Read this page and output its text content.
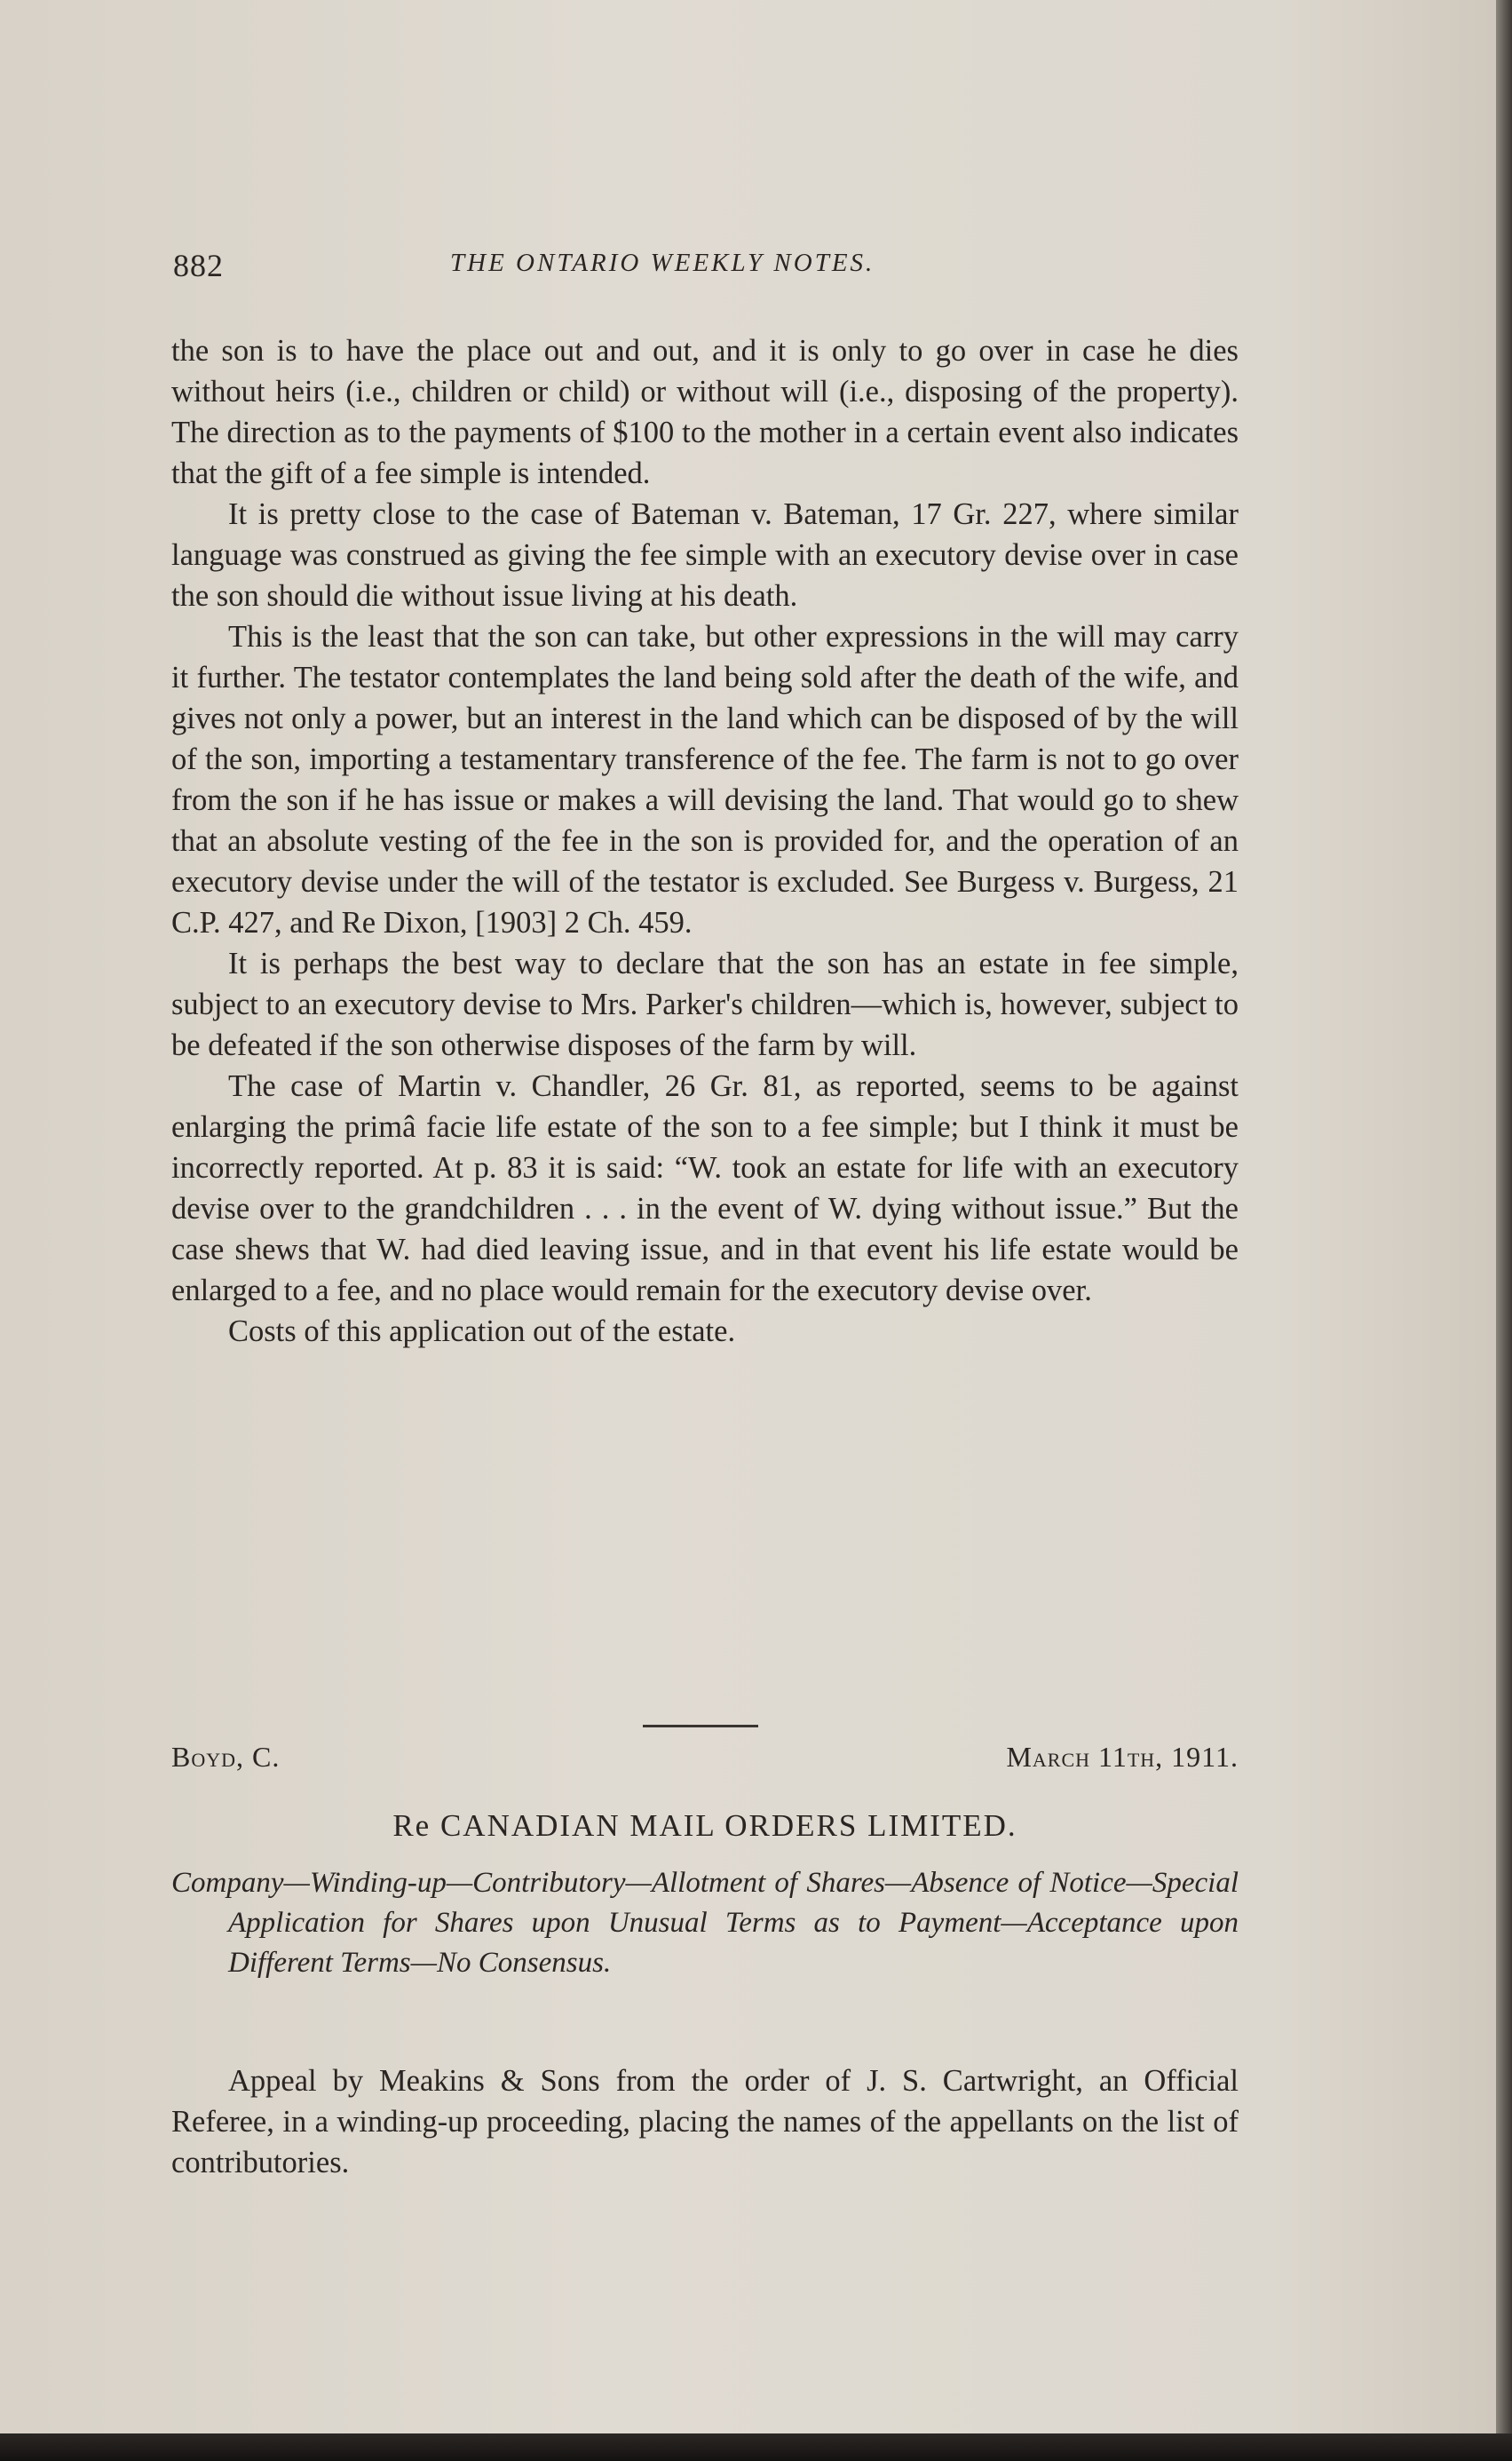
882	THE ONTARIO WEEKLY NOTES.

the son is to have the place out and out, and it is only to go over in case he dies without heirs (i.e., children or child) or without will (i.e., disposing of the property). The direction as to the payments of $100 to the mother in a certain event also indicates that the gift of a fee simple is intended.

It is pretty close to the case of Bateman v. Bateman, 17 Gr. 227, where similar language was construed as giving the fee simple with an executory devise over in case the son should die without issue living at his death.

This is the least that the son can take, but other expressions in the will may carry it further. The testator contemplates the land being sold after the death of the wife, and gives not only a power, but an interest in the land which can be disposed of by the will of the son, importing a testamentary transference of the fee. The farm is not to go over from the son if he has issue or makes a will devising the land. That would go to shew that an absolute vesting of the fee in the son is provided for, and the operation of an executory devise under the will of the testator is excluded. See Burgess v. Burgess, 21 C.P. 427, and Re Dixon, [1903] 2 Ch. 459.

It is perhaps the best way to declare that the son has an estate in fee simple, subject to an executory devise to Mrs. Parker's children—which is, however, subject to be defeated if the son otherwise disposes of the farm by will.

The case of Martin v. Chandler, 26 Gr. 81, as reported, seems to be against enlarging the primâ facie life estate of the son to a fee simple; but I think it must be incorrectly reported. At p. 83 it is said: “W. took an estate for life with an executory devise over to the grandchildren . . . in the event of W. dying without issue.” But the case shews that W. had died leaving issue, and in that event his life estate would be enlarged to a fee, and no place would remain for the executory devise over.

Costs of this application out of the estate.

Boyd, C.	March 11th, 1911.
Re CANADIAN MAIL ORDERS LIMITED.
Company—Winding-up—Contributory—Allotment of Shares—Absence of Notice—Special Application for Shares upon Unusual Terms as to Payment—Acceptance upon Different Terms—No Consensus.
Appeal by Meakins & Sons from the order of J. S. Cartwright, an Official Referee, in a winding-up proceeding, placing the names of the appellants on the list of contributories.
